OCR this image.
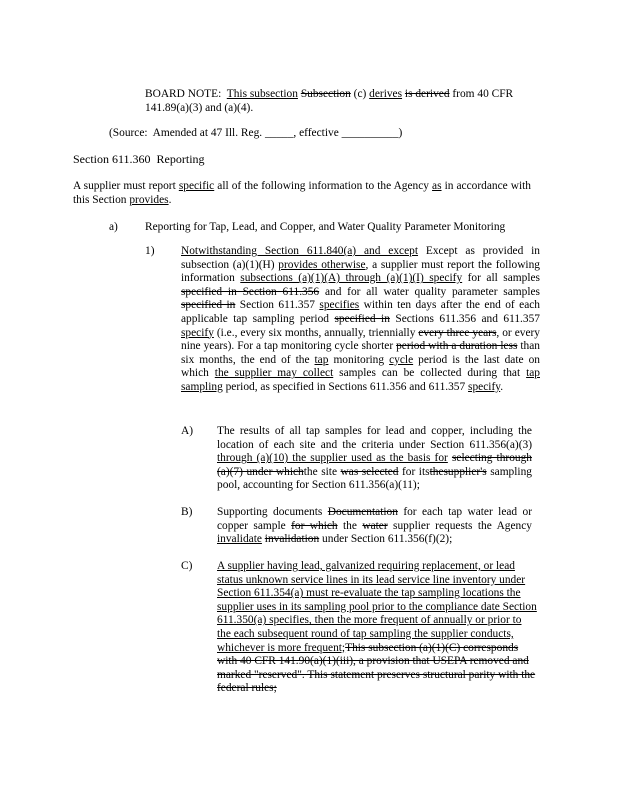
BOARD NOTE: This subsection Subsection (c) derives is derived from 40 CFR 141.89(a)(3) and (a)(4).
(Source:  Amended at 47 Ill. Reg. _____, effective __________)
Section 611.360  Reporting
A supplier must report specific all of the following information to the Agency as in accordance with this Section provides.
a) Reporting for Tap, Lead, and Copper, and Water Quality Parameter Monitoring
1) Notwithstanding Section 611.840(a) and except Except as provided in subsection (a)(1)(H) provides otherwise, a supplier must report the following information subsections (a)(1)(A) through (a)(1)(I) specify for all samples specified in Section 611.356 and for all water quality parameter samples specified in Section 611.357 specifies within ten days after the end of each applicable tap sampling period specified in Sections 611.356 and 611.357 specify (i.e., every six months, annually, triennially every three years, or every nine years). For a tap monitoring cycle shorter period with a duration less than six months, the end of the tap monitoring cycle period is the last date on which the supplier may collect samples can be collected during that tap sampling period, as specified in Sections 611.356 and 611.357 specify.
A) The results of all tap samples for lead and copper, including the location of each site and the criteria under Section 611.356(a)(3) through (a)(10) the supplier used as the basis for selecting through (a)(7) under whichthe site was selected for itsthesupplier's sampling pool, accounting for Section 611.356(a)(11);
B) Supporting documents Documentation for each tap water lead or copper sample for which the water supplier requests the Agency invalidate invalidation under Section 611.356(f)(2);
C) A supplier having lead, galvanized requiring replacement, or lead status unknown service lines in its lead service line inventory under Section 611.354(a) must re-evaluate the tap sampling locations the supplier uses in its sampling pool prior to the compliance date Section 611.350(a) specifies, then the more frequent of annually or prior to the each subsequent round of tap sampling the supplier conducts, whichever is more frequent;This subsection (a)(1)(C) corresponds with 40 CFR 141.90(a)(1)(iii), a provision that USEPA removed and marked "reserved". This statement preserves structural parity with the federal rules;
